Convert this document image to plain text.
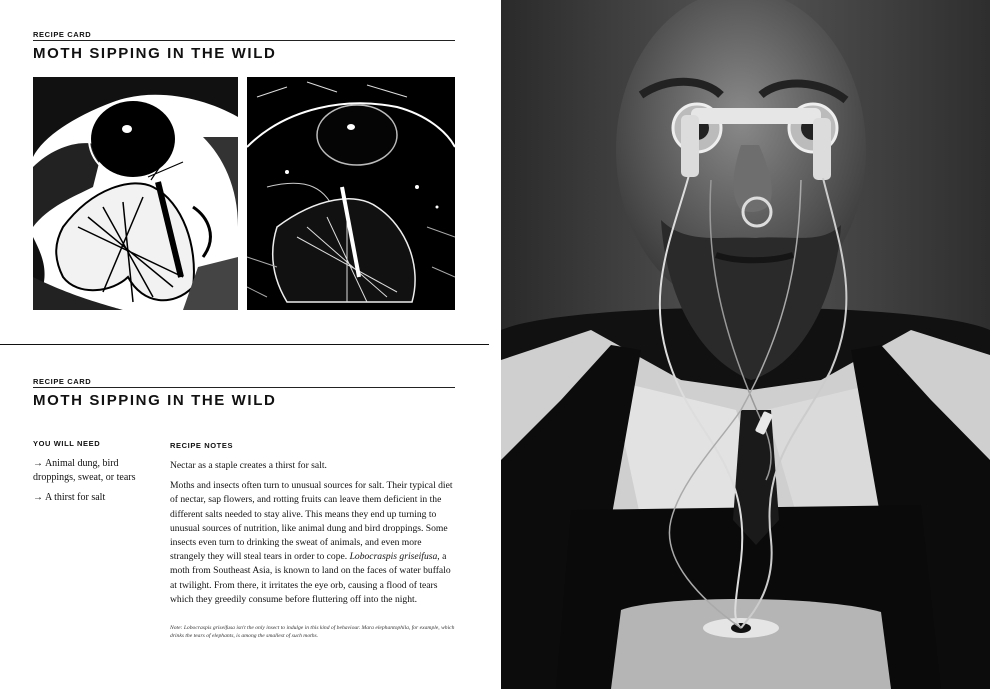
RECIPE CARD
MOTH SIPPING IN THE WILD
RECIPE CARD
MOTH SIPPING IN THE WILD
YOU WILL NEED
→ Animal dung, bird droppings, sweat, or tears
→ A thirst for salt
RECIPE NOTES

Nectar as a staple creates a thirst for salt.

Moths and insects often turn to unusual sources for salt. Their typical diet of nectar, sap flowers, and rotting fruits can leave them deficient in the different salts needed to stay alive. This means they end up turning to unusual sources of nutrition, like animal dung and bird droppings. Some insects even turn to drinking the sweat of animals, and even more strangely they will steal tears in order to cope. Lobocraspis griseifusa, a moth from Southeast Asia, is known to land on the faces of water buffalo at twilight. From there, it irritates the eye orb, causing a flood of tears which they greedily consume before fluttering off into the night.

Note: Lobocraspis griseifusa isn't the only insect to indulge in this kind of behaviour. Mara elephantophila, for example, which drinks the tears of elephants, is among the smallest of such moths.
